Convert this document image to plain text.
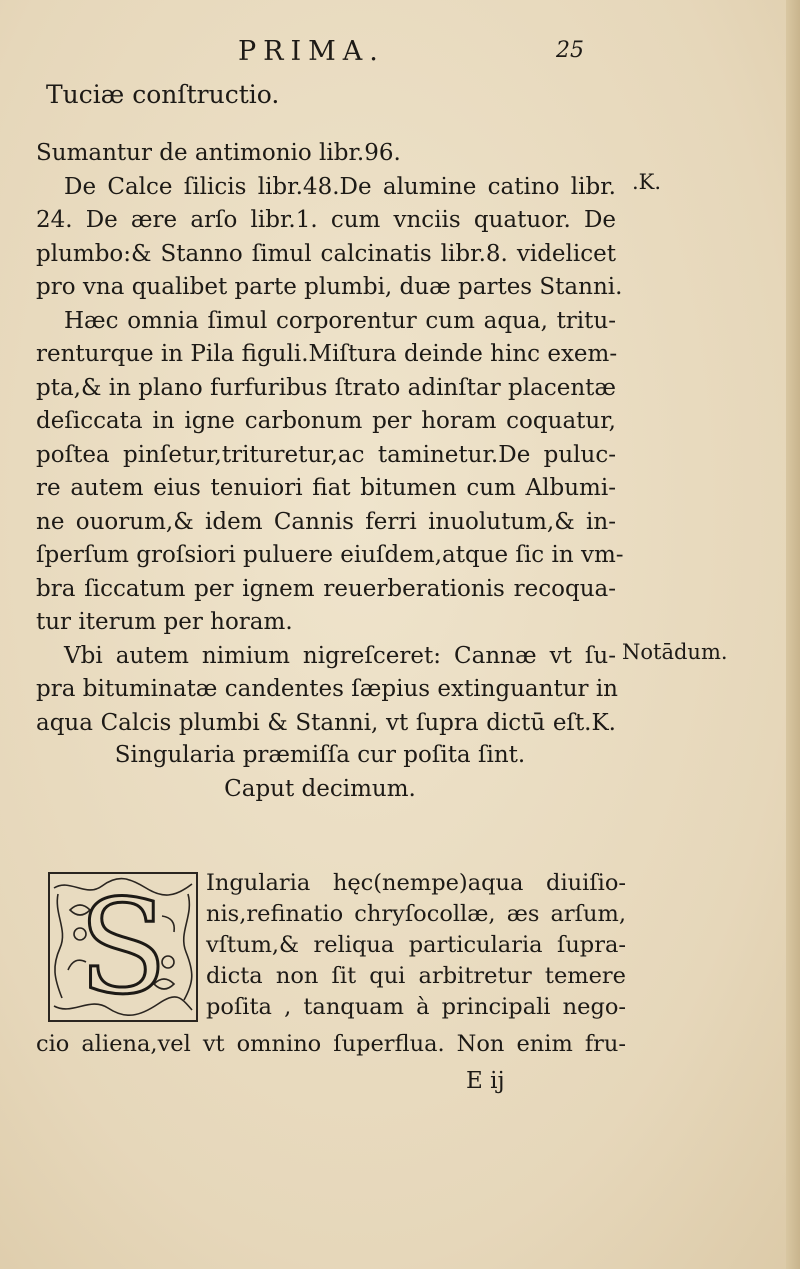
PRIMA.	25
Tuciæ conſtructio.
Sumantur de antimonio libr.96.
De Calce ſilicis libr.48.De alumine catino libr.
24. De ære arſo libr.1. cum vnciis quatuor. De
plumbo:& Stanno ſimul calcinatis libr.8. videlicet
pro vna qualibet parte plumbi, duæ partes Stanni.
Hæc omnia ſimul corporentur cum aqua, tritu-
renturque in Pila figuli.Miſtura deinde hinc exem-
pta,& in plano furfuribus ſtrato adinſtar placentæ
deſiccata in igne carbonum per horam coquatur,
poſtea pinſetur,trituretur,ac taminetur.De puluc-
re autem eius tenuiori fiat bitumen cum Albumi-
ne ouorum,& idem Cannis ferri inuolutum,& in-
ſperſum groſsiori puluere eiuſdem,atque ſic in vm-
bra ſiccatum per ignem reuerberationis recoqua-
tur iterum per horam.
Vbi autem nimium nigreſceret: Cannæ vt ſu-
pra bituminatæ candentes ſæpius extinguantur in
aqua Calcis plumbi & Stanni, vt ſupra dictū eſt.K.
.K.
Notādum.
Singularia præmiſſa cur poſita ſint.
Caput decimum.
S Ingularia hęc(nempe)aqua diuiſio-
nis,refinatio chryſocollæ, æs arſum,
vſtum,& reliqua particularia ſupra-
dicta non ſit qui arbitretur temere
poſita , tanquam à principali nego-
cio aliena,vel vt omnino ſuperflua. Non enim fru-
E ij
